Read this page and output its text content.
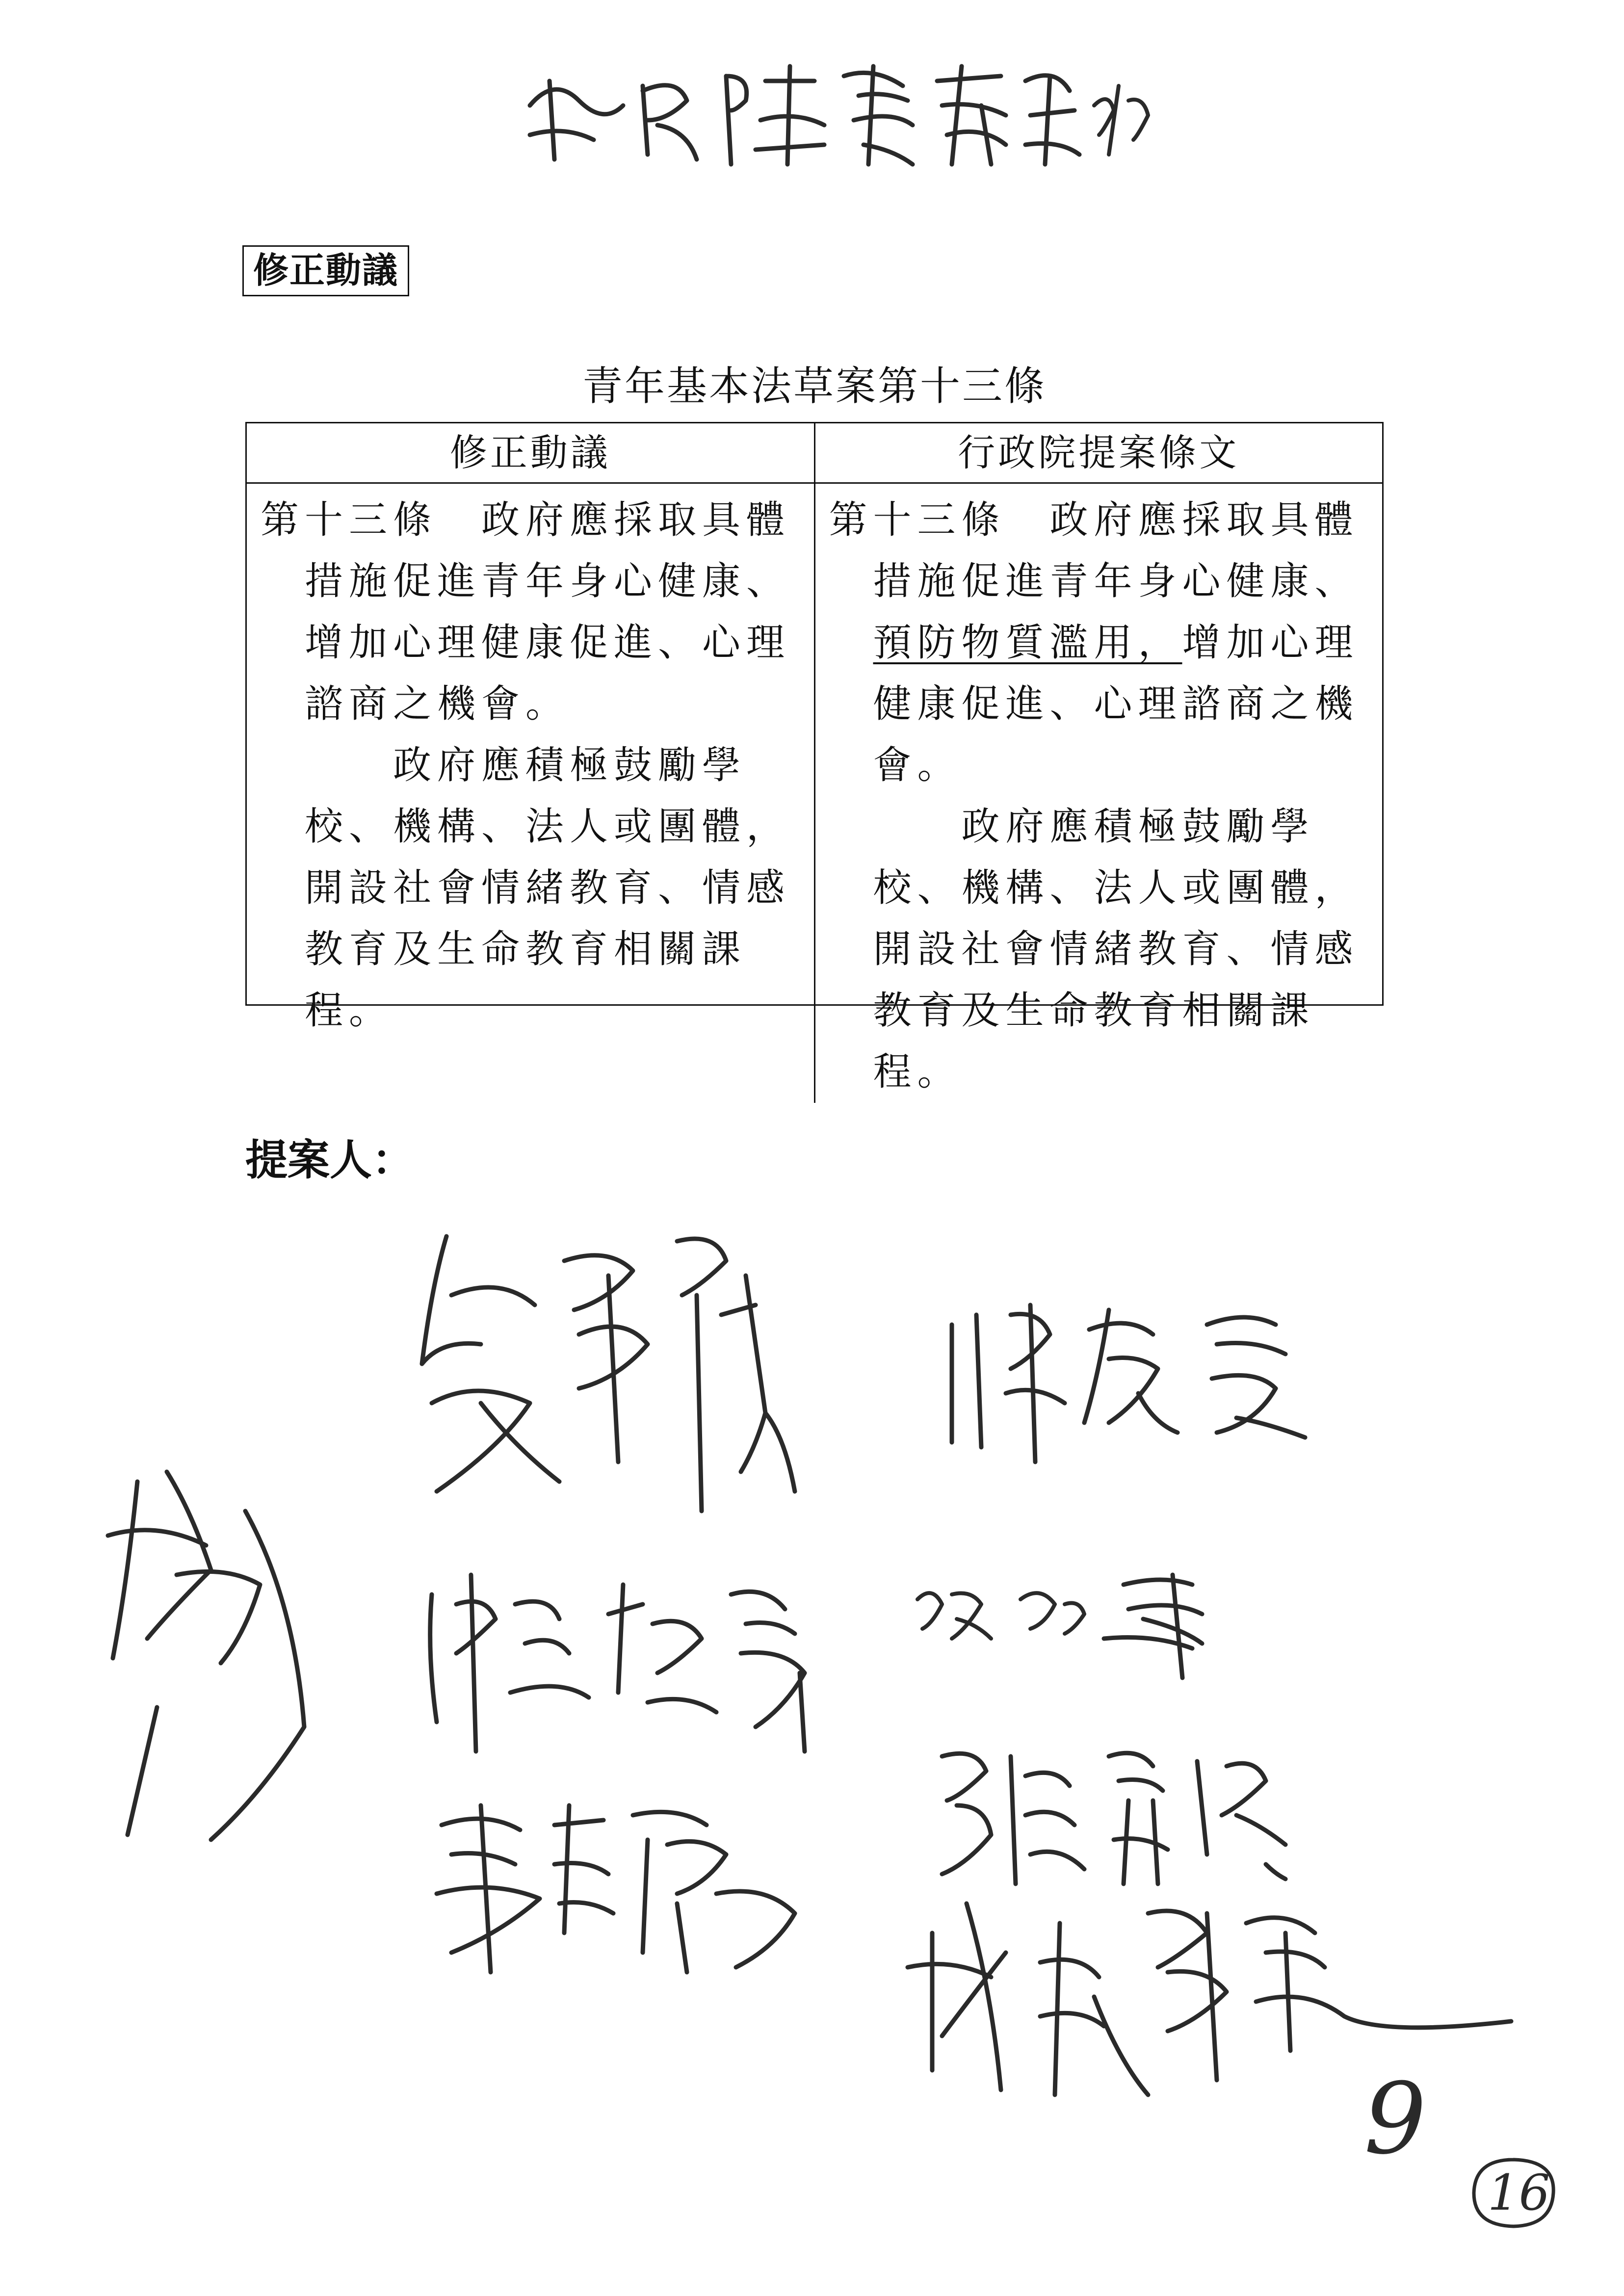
修正動議
青年基本法草案第十三條
修正動議	行政院提案條文

第十三條　政府應採取具體

措施促進青年身心健康、增加心理健康促進、心理諮商之機會。

政府應積極鼓勵學校、機構、法人或團體，開設社會情緒教育、情感教育及生命教育相關課程。

第十三條　政府應採取具體

措施促進青年身心健康、預防物質濫用，增加心理健康促進、心理諮商之機會。

政府應積極鼓勵學校、機構、法人或團體，開設社會情緒教育、情感教育及生命教育相關課程。

提案人：
9
16
